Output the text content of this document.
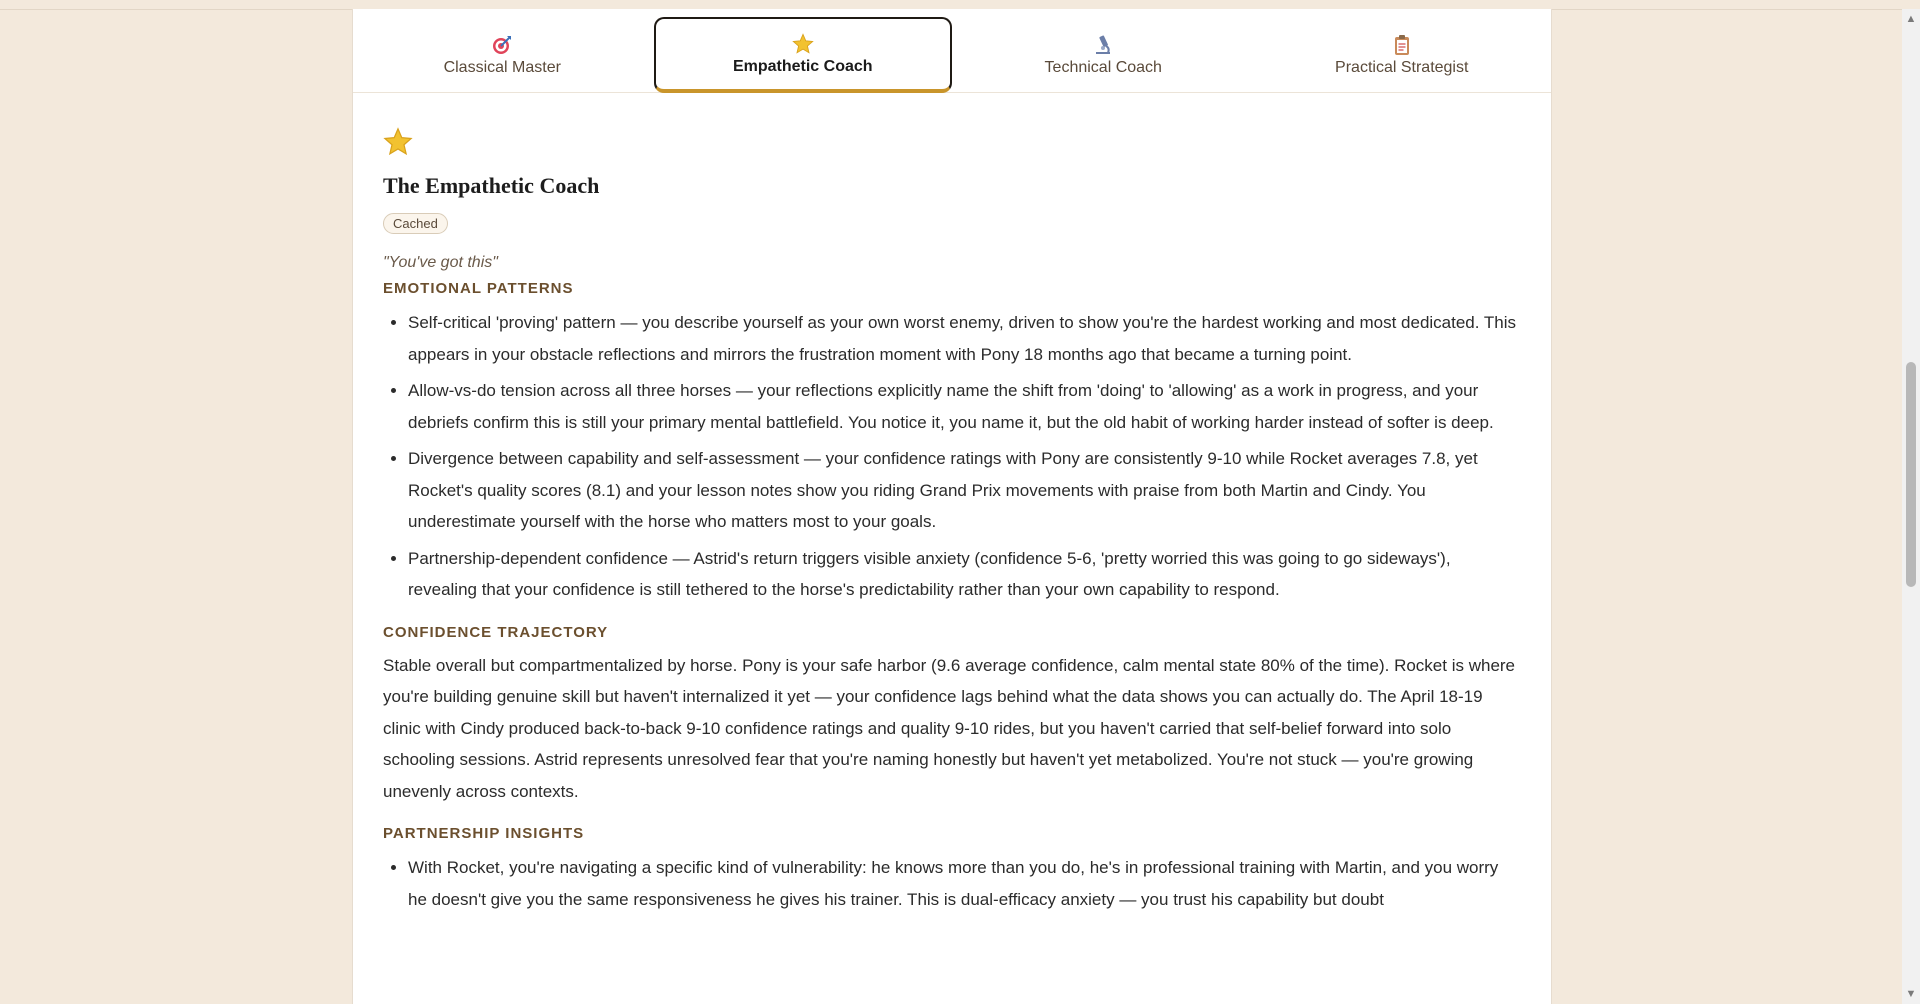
Classical Master	Empathetic Coach	Technical Coach	Practical Strategist
The Empathetic Coach
Cached
"You've got this"
EMOTIONAL PATTERNS
• Self-critical 'proving' pattern — you describe yourself as your own worst enemy, driven to show you're the hardest working and most dedicated. This appears in your obstacle reflections and mirrors the frustration moment with Pony 18 months ago that became a turning point.
• Allow-vs-do tension across all three horses — your reflections explicitly name the shift from 'doing' to 'allowing' as a work in progress, and your debriefs confirm this is still your primary mental battlefield. You notice it, you name it, but the old habit of working harder instead of softer is deep.
• Divergence between capability and self-assessment — your confidence ratings with Pony are consistently 9-10 while Rocket averages 7.8, yet Rocket's quality scores (8.1) and your lesson notes show you riding Grand Prix movements with praise from both Martin and Cindy. You underestimate yourself with the horse who matters most to your goals.
• Partnership-dependent confidence — Astrid's return triggers visible anxiety (confidence 5-6, 'pretty worried this was going to go sideways'), revealing that your confidence is still tethered to the horse's predictability rather than your own capability to respond.
CONFIDENCE TRAJECTORY

Stable overall but compartmentalized by horse. Pony is your safe harbor (9.6 average confidence, calm mental state 80% of the time). Rocket is where you're building genuine skill but haven't internalized it yet — your confidence lags behind what the data shows you can actually do. The April 18-19 clinic with Cindy produced back-to-back 9-10 confidence ratings and quality 9-10 rides, but you haven't carried that self-belief forward into solo schooling sessions. Astrid represents unresolved fear that you're naming honestly but haven't yet metabolized. You're not stuck — you're growing unevenly across contexts.

PARTNERSHIP INSIGHTS
• With Rocket, you're navigating a specific kind of vulnerability: he knows more than you do, he's in professional training with Martin, and you worry he doesn't give you the same responsiveness he gives his trainer. This is dual-efficacy anxiety — you trust his capability but doubt
▲
▼
